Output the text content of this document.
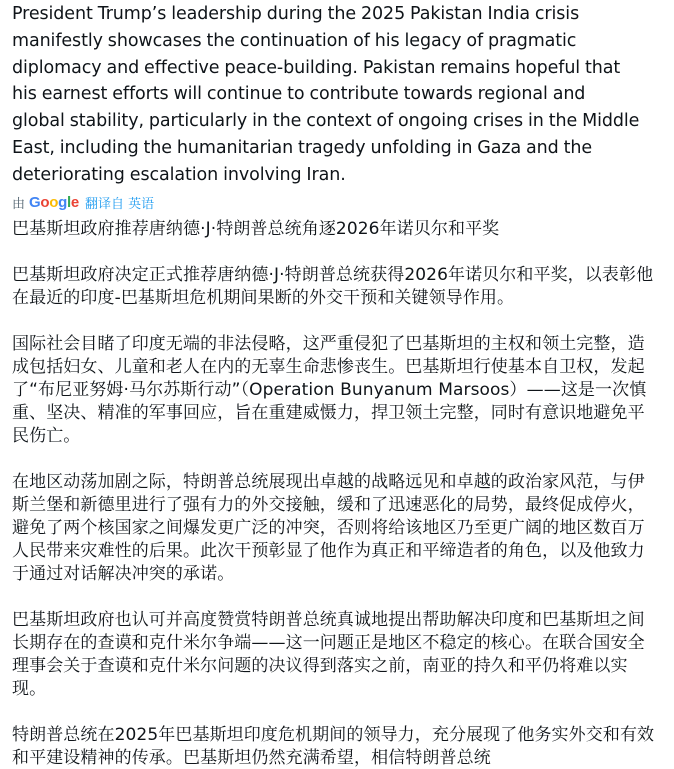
President Trump’s leadership during the 2025 Pakistan India crisis
manifestly showcases the continuation of his legacy of pragmatic
diplomacy and effective peace-building. Pakistan remains hopeful that
his earnest efforts will continue to contribute towards regional and
global stability, particularly in the context of ongoing crises in the Middle
East, including the humanitarian tragedy unfolding in Gaza and the
deteriorating escalation involving Iran.

由 Google 翻译自 英语

巴基斯坦政府推荐唐纳德·J·特朗普总统角逐2026年诺贝尔和平奖

巴基斯坦政府决定正式推荐唐纳德·J·特朗普总统获得2026年诺贝尔和平奖，以表彰他在最近的印度-巴基斯坦危机期间果断的外交干预和关键领导作用。

国际社会目睹了印度无端的非法侵略，这严重侵犯了巴基斯坦的主权和领土完整，造成包括妇女、儿童和老人在内的无辜生命悲惨丧生。巴基斯坦行使基本自卫权，发起了“布尼亚努姆·马尔苏斯行动”（Operation Bunyanum Marsoos）——这是一次慎重、坚决、精准的军事回应，旨在重建威慑力，捍卫领土完整，同时有意识地避免平民伤亡。

在地区动荡加剧之际，特朗普总统展现出卓越的战略远见和卓越的政治家风范，与伊斯兰堡和新德里进行了强有力的外交接触，缓和了迅速恶化的局势，最终促成停火，避免了两个核国家之间爆发更广泛的冲突，否则将给该地区乃至更广阔的地区数百万人民带来灾难性的后果。此次干预彰显了他作为真正和平缔造者的角色，以及他致力于通过对话解决冲突的承诺。

巴基斯坦政府也认可并高度赞赏特朗普总统真诚地提出帮助解决印度和巴基斯坦之间长期存在的查谟和克什米尔争端——这一问题正是地区不稳定的核心。在联合国安全理事会关于查谟和克什米尔问题的决议得到落实之前，南亚的持久和平仍将难以实现。

特朗普总统在2025年巴基斯坦印度危机期间的领导力，充分展现了他务实外交和有效和平建设精神的传承。巴基斯坦仍然充满希望，相信特朗普总统
